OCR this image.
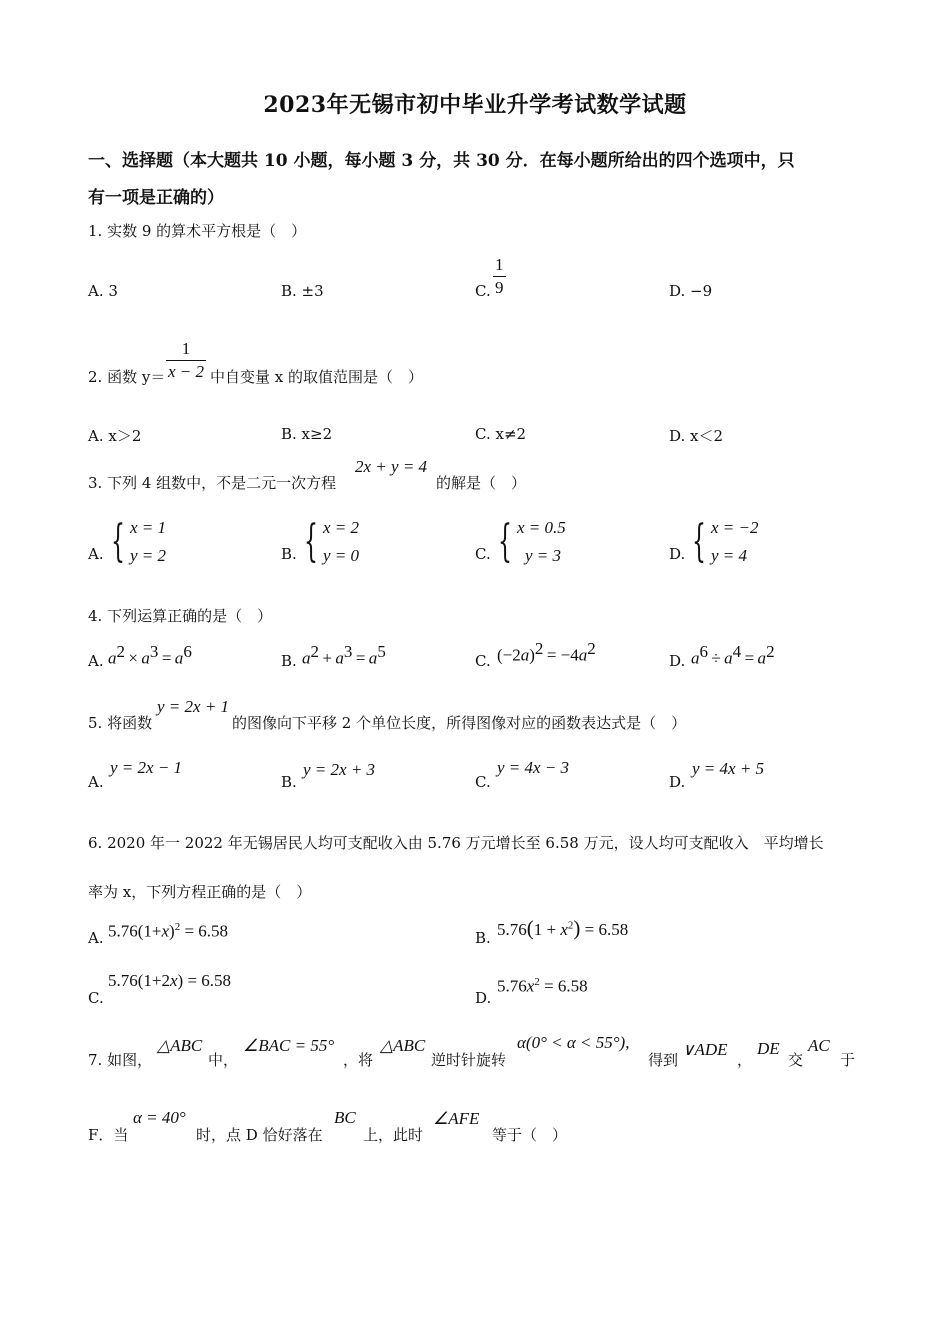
2023年无锡市初中毕业升学考试数学试题
一、选择题（本大题共 10 小题，每小题 3 分，共 30 分．在每小题所给出的四个选项中，只
有一项是正确的）
1. 实数 9 的算术平方根是（　）
A. 3	B. ±3	C. $\frac{1}{9}$	D. −9
2. 函数 $y= \frac{1}{x - 2}$ 中自变量 x 的取值范围是（　）
A. x＞2	B. x≥2	C. x≠2	D. x＜2
3. 下列 4 组数中，不是二元一次方程
2x + y = 4
的解是（　）
A. { x = 1
y = 2	B. { x = 2
y = 0	C. { x = 0.5
y = 3	D. { x = −2
y = 4
4. 下列运算正确的是（　）
A. $a^2 \times a^3 = a^6$	B. $a^2 + a^3 = a^5$	C. $(-2a)^2 = -4a^2$
D. $a^6 \div a^4 = a^2$
5. 将函数
y = 2x + 1
的图像向下平移 2 个单位长度，所得图像对应的函数表达式是（　）
A.
y = 2x − 1
B.
y = 2x + 3
C.
y = 4x − 3
D.
y = 4x + 5
6. 2020 年一 2022 年无锡居民人均可支配收入由 5.76 万元增长至 6.58 万元，设人均可支配收入　平均增长
率为 x，下列方程正确的是（　）
A. $5.76(1+x)^2 = 6.58$	B. $5.76(1 + x^2) = 6.58$
C.
5.76(1+2x) = 6.58
D.
$5.76x^2 = 6.58$
7. 如图，
△ABC
中，
∠BAC = 55°
，将
△ABC
逆时针旋转
α(0° < α < 55°),
得到
∨ADE
，
DE
交
AC
于
F．当
α = 40°
时，点 D 恰好落在
BC
上，此时
∠AFE
等于（　）
